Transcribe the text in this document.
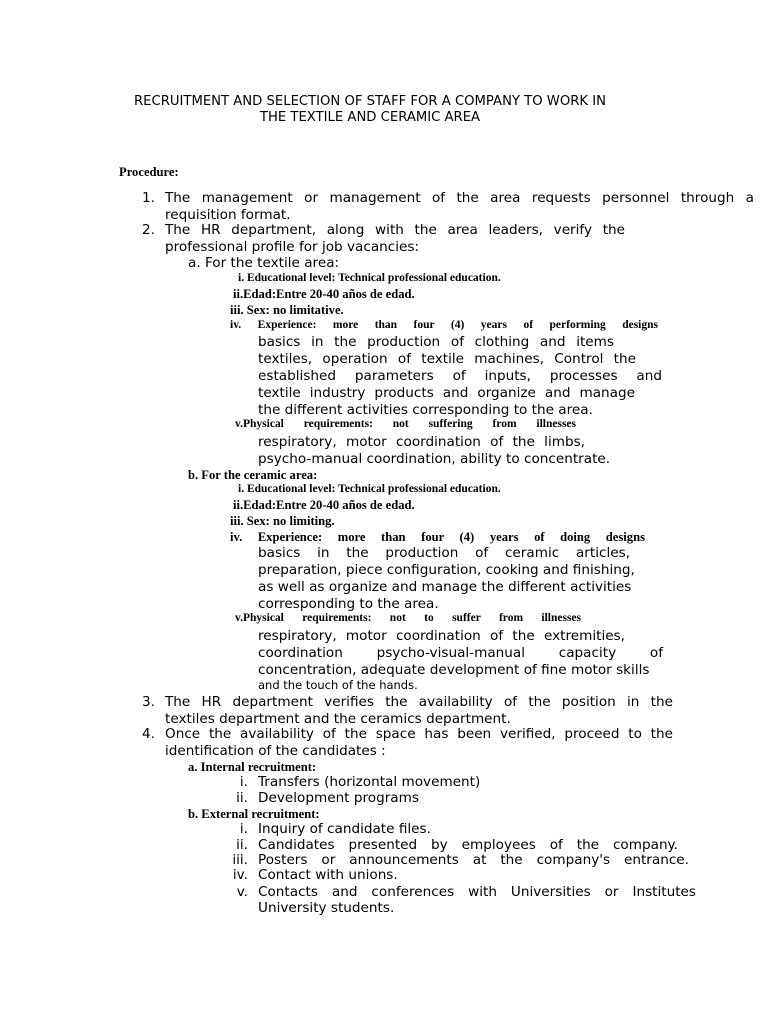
RECRUITMENT AND SELECTION OF STAFF FOR A COMPANY TO WORK IN
THE TEXTILE AND CERAMIC AREA
Procedure:
1. The management or management of the area requests personnel through a
requisition format.
2. The HR department, along with the area leaders, verify the
professional profile for job vacancies:
a. For the textile area:
i. Educational level: Technical professional education.
ii.Edad:Entre 20-40 años de edad.
iii. Sex: no limitative.
iv. Experience: more than four (4) years of performing designs
basics in the production of clothing and items
textiles, operation of textile machines, Control the
established parameters of inputs, processes and
textile industry products and organize and manage
the different activities corresponding to the area.
v.Physical requirements: not suffering from illnesses
respiratory, motor coordination of the limbs,
psycho-manual coordination, ability to concentrate.
b. For the ceramic area:
i. Educational level: Technical professional education.
ii.Edad:Entre 20-40 años de edad.
iii. Sex: no limiting.
iv. Experience: more than four (4) years of doing designs
basics in the production of ceramic articles,
preparation, piece configuration, cooking and finishing,
as well as organize and manage the different activities
corresponding to the area.
v.Physical requirements: not to suffer from illnesses
respiratory, motor coordination of the extremities,
coordination psycho-visual-manual capacity of
concentration, adequate development of fine motor skills
and the touch of the hands.
3. The HR department verifies the availability of the position in the
textiles department and the ceramics department.
4. Once the availability of the space has been verified, proceed to the
identification of the candidates :
a. Internal recruitment:
i. Transfers (horizontal movement)
ii. Development programs
b. External recruitment:
i. Inquiry of candidate files.
ii. Candidates presented by employees of the company.
iii. Posters or announcements at the company's entrance.
iv. Contact with unions.
v. Contacts and conferences with Universities or Institutes
University students.
